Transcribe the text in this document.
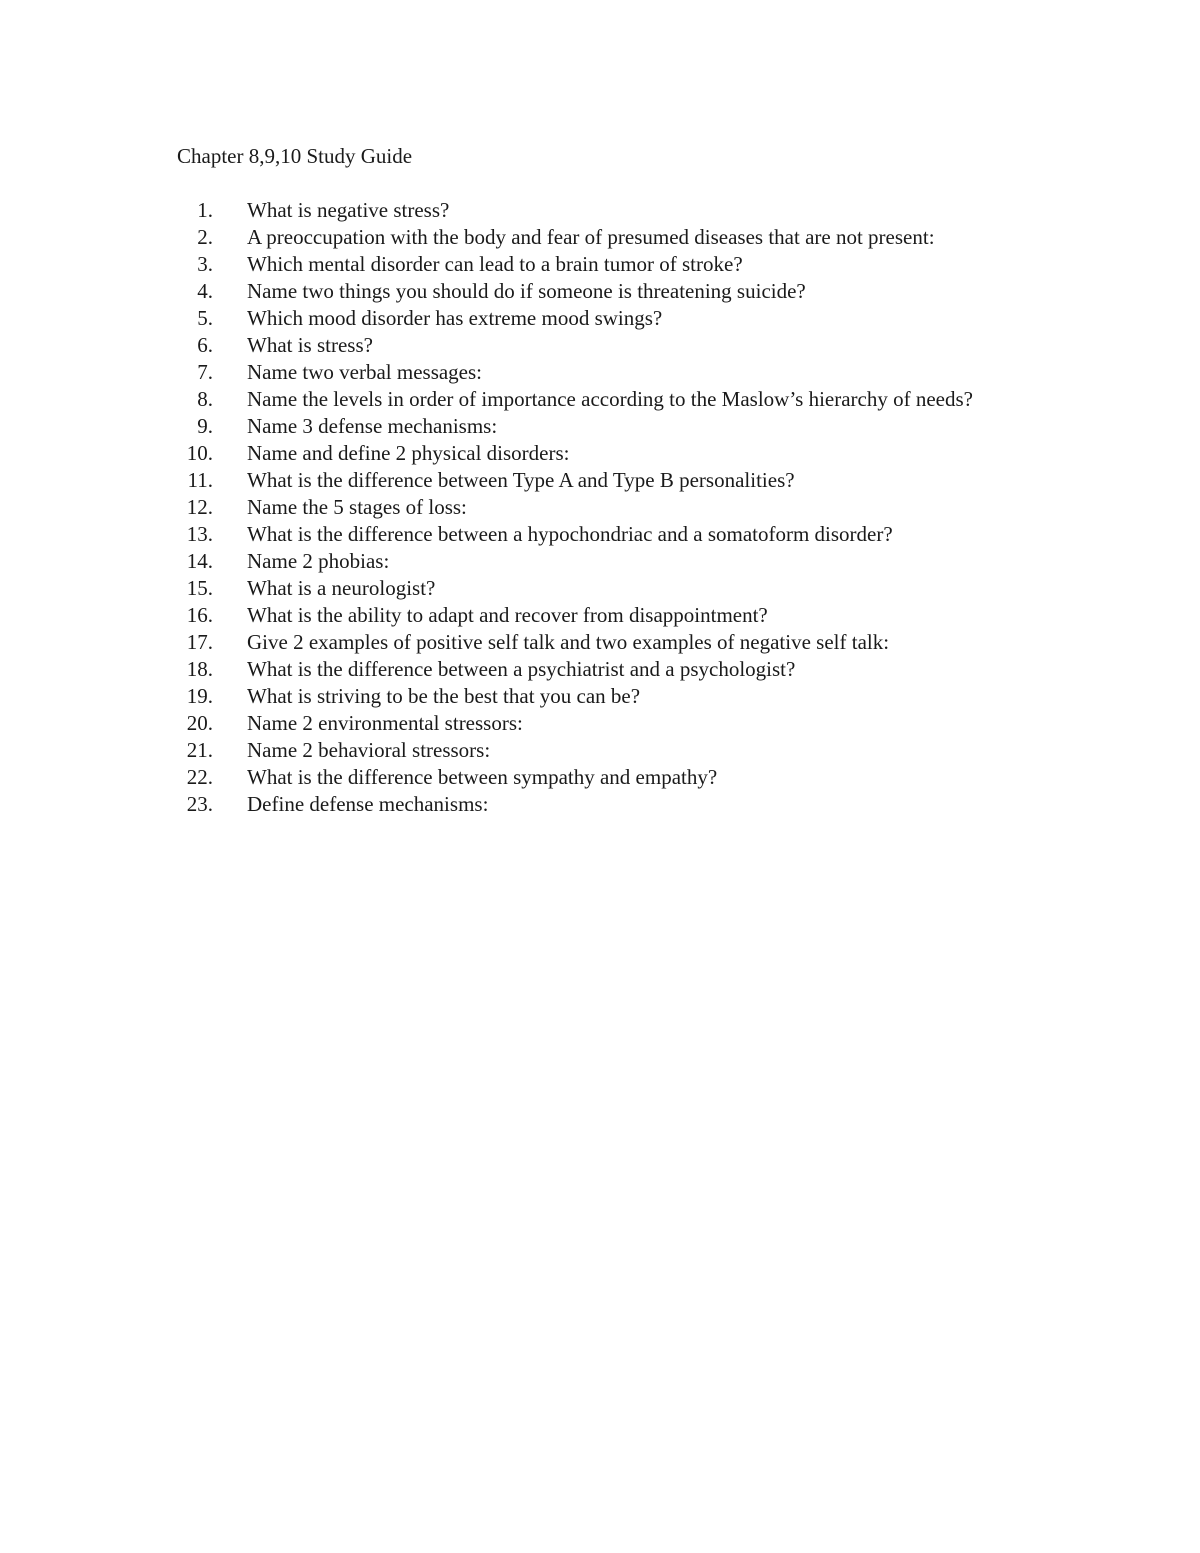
Chapter 8,9,10 Study Guide
1.	What is negative stress?
2.	A preoccupation with the body and fear of presumed diseases that are not present:
3.	Which mental disorder can lead to a brain tumor of stroke?
4.	Name two things you should do if someone is threatening suicide?
5.	Which mood disorder has extreme mood swings?
6.	What is stress?
7.	Name two verbal messages:
8.	Name the levels in order of importance according to the Maslow’s hierarchy of needs?
9.	Name 3 defense mechanisms:
10.	Name and define 2 physical disorders:
11.	What is the difference between Type A and Type B personalities?
12.	Name the 5 stages of loss:
13.	What is the difference between a hypochondriac and a somatoform disorder?
14.	Name 2 phobias:
15.	What is a neurologist?
16.	What is the ability to adapt and recover from disappointment?
17.	Give 2 examples of positive self talk and two examples of negative self talk:
18.	What is the difference between a psychiatrist and a psychologist?
19.	What is striving to be the best that you can be?
20.	Name 2 environmental stressors:
21.	Name 2 behavioral stressors:
22.	What is the difference between sympathy and empathy?
23.	Define defense mechanisms:
